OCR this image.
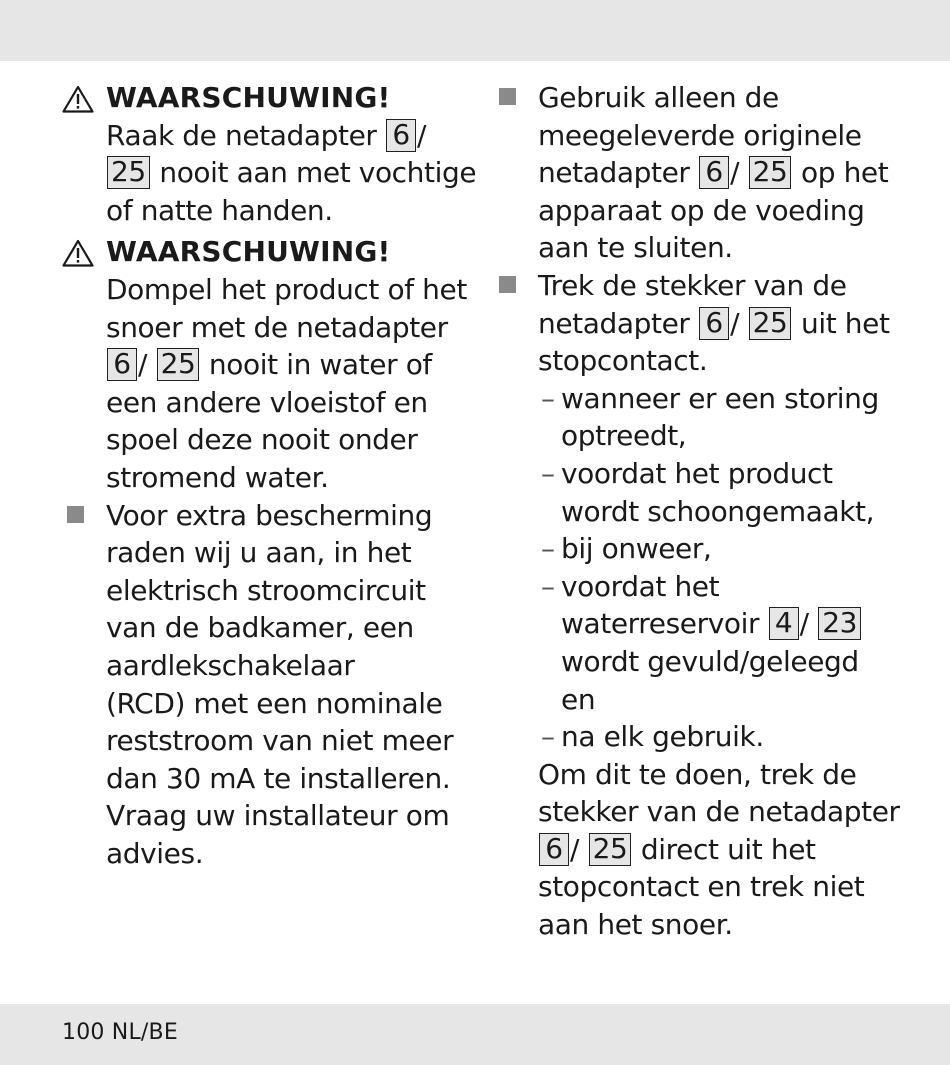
WAARSCHUWING!
Raak de netadapter 6 /
25 nooit aan met vochtige
of natte handen.
WAARSCHUWING!
Dompel het product of het
snoer met de netadapter
6 / 25 nooit in water of
een andere vloeistof en
spoel deze nooit onder
stromend water.
Voor extra bescherming
raden wij u aan, in het
elektrisch stroomcircuit
van de badkamer, een
aardlekschakelaar
(RCD) met een nominale
reststroom van niet meer
dan 30 mA te installeren.
Vraag uw installateur om
advies.
Gebruik alleen de
meegeleverde originele
netadapter 6 / 25 op het
apparaat op de voeding
aan te sluiten.
Trek de stekker van de
netadapter 6 / 25 uit het
stopcontact.
– wanneer er een storing
optreedt,
– voordat het product
wordt schoongemaakt,
– bij onweer,
– voordat het
waterreservoir 4 / 23
wordt gevuld/geleegd
en
– na elk gebruik.
Om dit te doen, trek de
stekker van de netadapter
6 / 25 direct uit het
stopcontact en trek niet
aan het snoer.
100 NL/BE
